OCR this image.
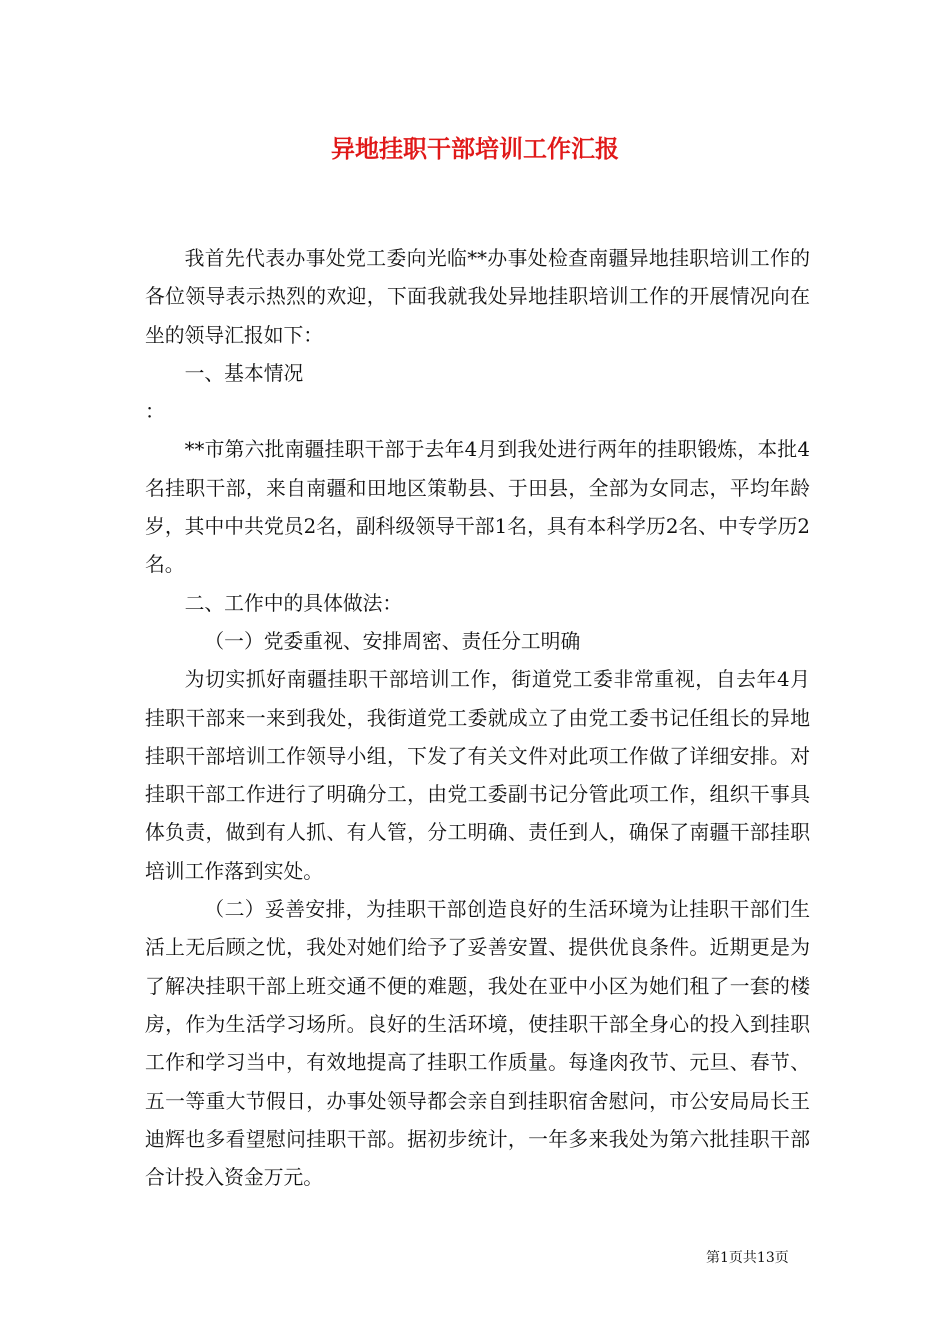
异地挂职干部培训工作汇报

我首先代表办事处党工委向光临**办事处检查南疆异地挂职培训工作的各位领导表示热烈的欢迎，下面我就我处异地挂职培训工作的开展情况向在坐的领导汇报如下：

一、基本情况

：

**市第六批南疆挂职干部于去年4月到我处进行两年的挂职锻炼，本批4名挂职干部，来自南疆和田地区策勒县、于田县，全部为女同志，平均年龄岁，其中中共党员2名，副科级领导干部1名，具有本科学历2名、中专学历2名。

二、工作中的具体做法：

（一）党委重视、安排周密、责任分工明确

为切实抓好南疆挂职干部培训工作，街道党工委非常重视，自去年4月挂职干部来一来到我处，我街道党工委就成立了由党工委书记任组长的异地挂职干部培训工作领导小组，下发了有关文件对此项工作做了详细安排。对挂职干部工作进行了明确分工，由党工委副书记分管此项工作，组织干事具体负责，做到有人抓、有人管，分工明确、责任到人，确保了南疆干部挂职培训工作落到实处。

（二）妥善安排，为挂职干部创造良好的生活环境为让挂职干部们生活上无后顾之忧，我处对她们给予了妥善安置、提供优良条件。近期更是为了解决挂职干部上班交通不便的难题，我处在亚中小区为她们租了一套的楼房，作为生活学习场所。良好的生活环境，使挂职干部全身心的投入到挂职工作和学习当中，有效地提高了挂职工作质量。每逢肉孜节、元旦、春节、五一等重大节假日，办事处领导都会亲自到挂职宿舍慰问，市公安局局长王迪辉也多看望慰问挂职干部。据初步统计，一年多来我处为第六批挂职干部合计投入资金万元。

第1页共13页
